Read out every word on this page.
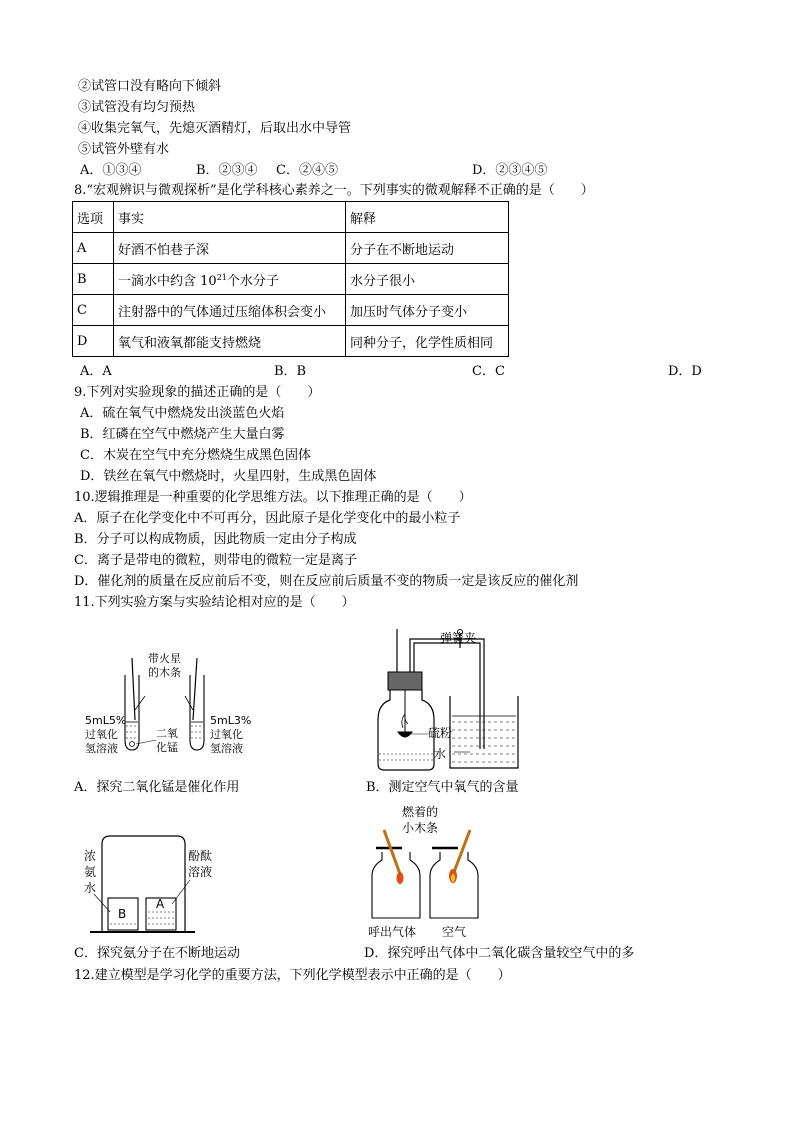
②试管口没有略向下倾斜
③试管没有均匀预热
④收集完氧气，先熄灭酒精灯，后取出水中导管
⑤试管外壁有水
A．①③④	B．②③④ C．②④⑤	D．②③④⑤
8.“宏观辨识与微观探析”是化学科核心素养之一。下列事实的微观解释不正确的是（　　）
选项	事实	解释
A	好酒不怕巷子深	分子在不断地运动
B	一滴水中约含 $10^{21}$个水分子	水分子很小
C	注射器中的气体通过压缩体积会变小	加压时气体分子变小
D	氧气和液氧都能支持燃烧	同种分子，化学性质相同
A．A	B．B	C．C	D．D
9.下列对实验现象的描述正确的是（　　）
A．硫在氧气中燃烧发出淡蓝色火焰
B．红磷在空气中燃烧产生大量白雾
C．木炭在空气中充分燃烧生成黑色固体
D．铁丝在氧气中燃烧时，火星四射，生成黑色固体
10.逻辑推理是一种重要的化学思维方法。以下推理正确的是（　　）
A．原子在化学变化中不可再分，因此原子是化学变化中的最小粒子
B．分子可以构成物质，因此物质一定由分子构成
C．离子是带电的微粒，则带电的微粒一定是离子
D．催化剂的质量在反应前后不变，则在反应前后质量不变的物质一定是该反应的催化剂
11.下列实验方案与实验结论相对应的是（　　）
带火星
的木条
5mL5%
过氧化
氢溶液
二氧
化锰
5mL3%
过氧化
氢溶液
A．探究二氧化锰是催化作用
弹簧夹
硫粉
水
B．测定空气中氧气的含量
B
A
浓
氨
水
酚酞
溶液
C．探究氨分子在不断地运动
燃着的
小木条
呼出气体 空气
D．探究呼出气体中二氧化碳含量较空气中的多
12.建立模型是学习化学的重要方法，下列化学模型表示中正确的是（　　）
